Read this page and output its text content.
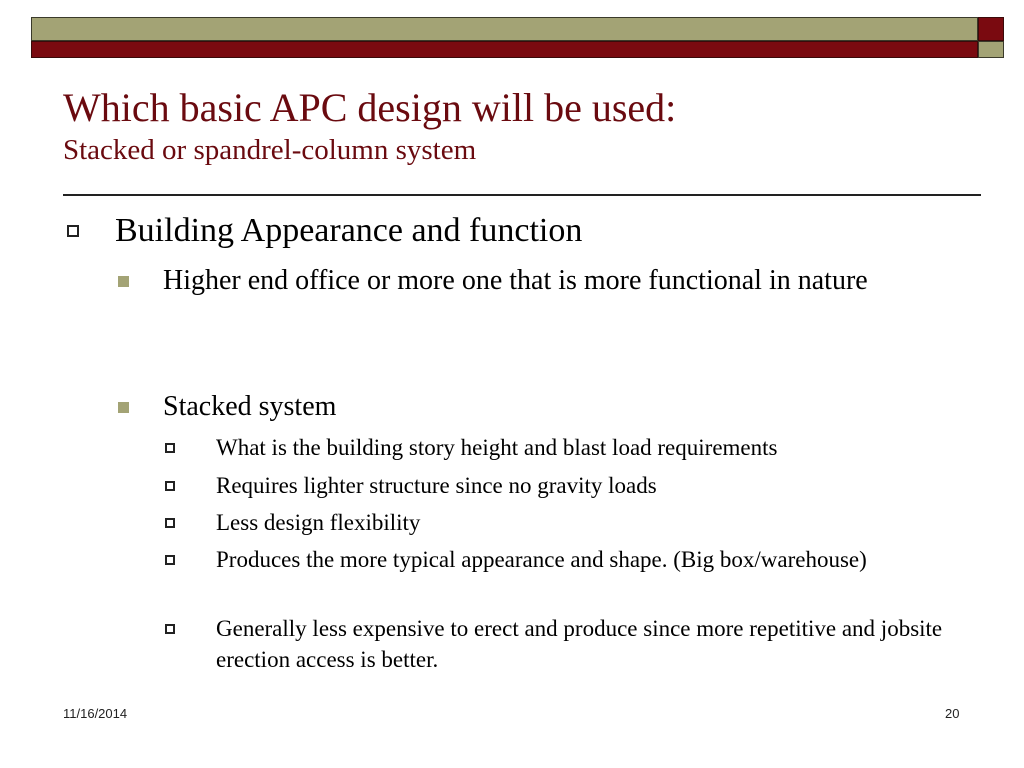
Which basic APC design will be used:
Stacked or spandrel-column system
Building Appearance and function
Higher end office or more one that is more functional in nature
Stacked system
What is the building story height and blast load requirements
Requires lighter structure since no gravity loads
Less design flexibility
Produces the more typical appearance and shape. (Big box/warehouse)
Generally less expensive to erect and produce since more repetitive and jobsite erection access is better.
11/16/2014	20
